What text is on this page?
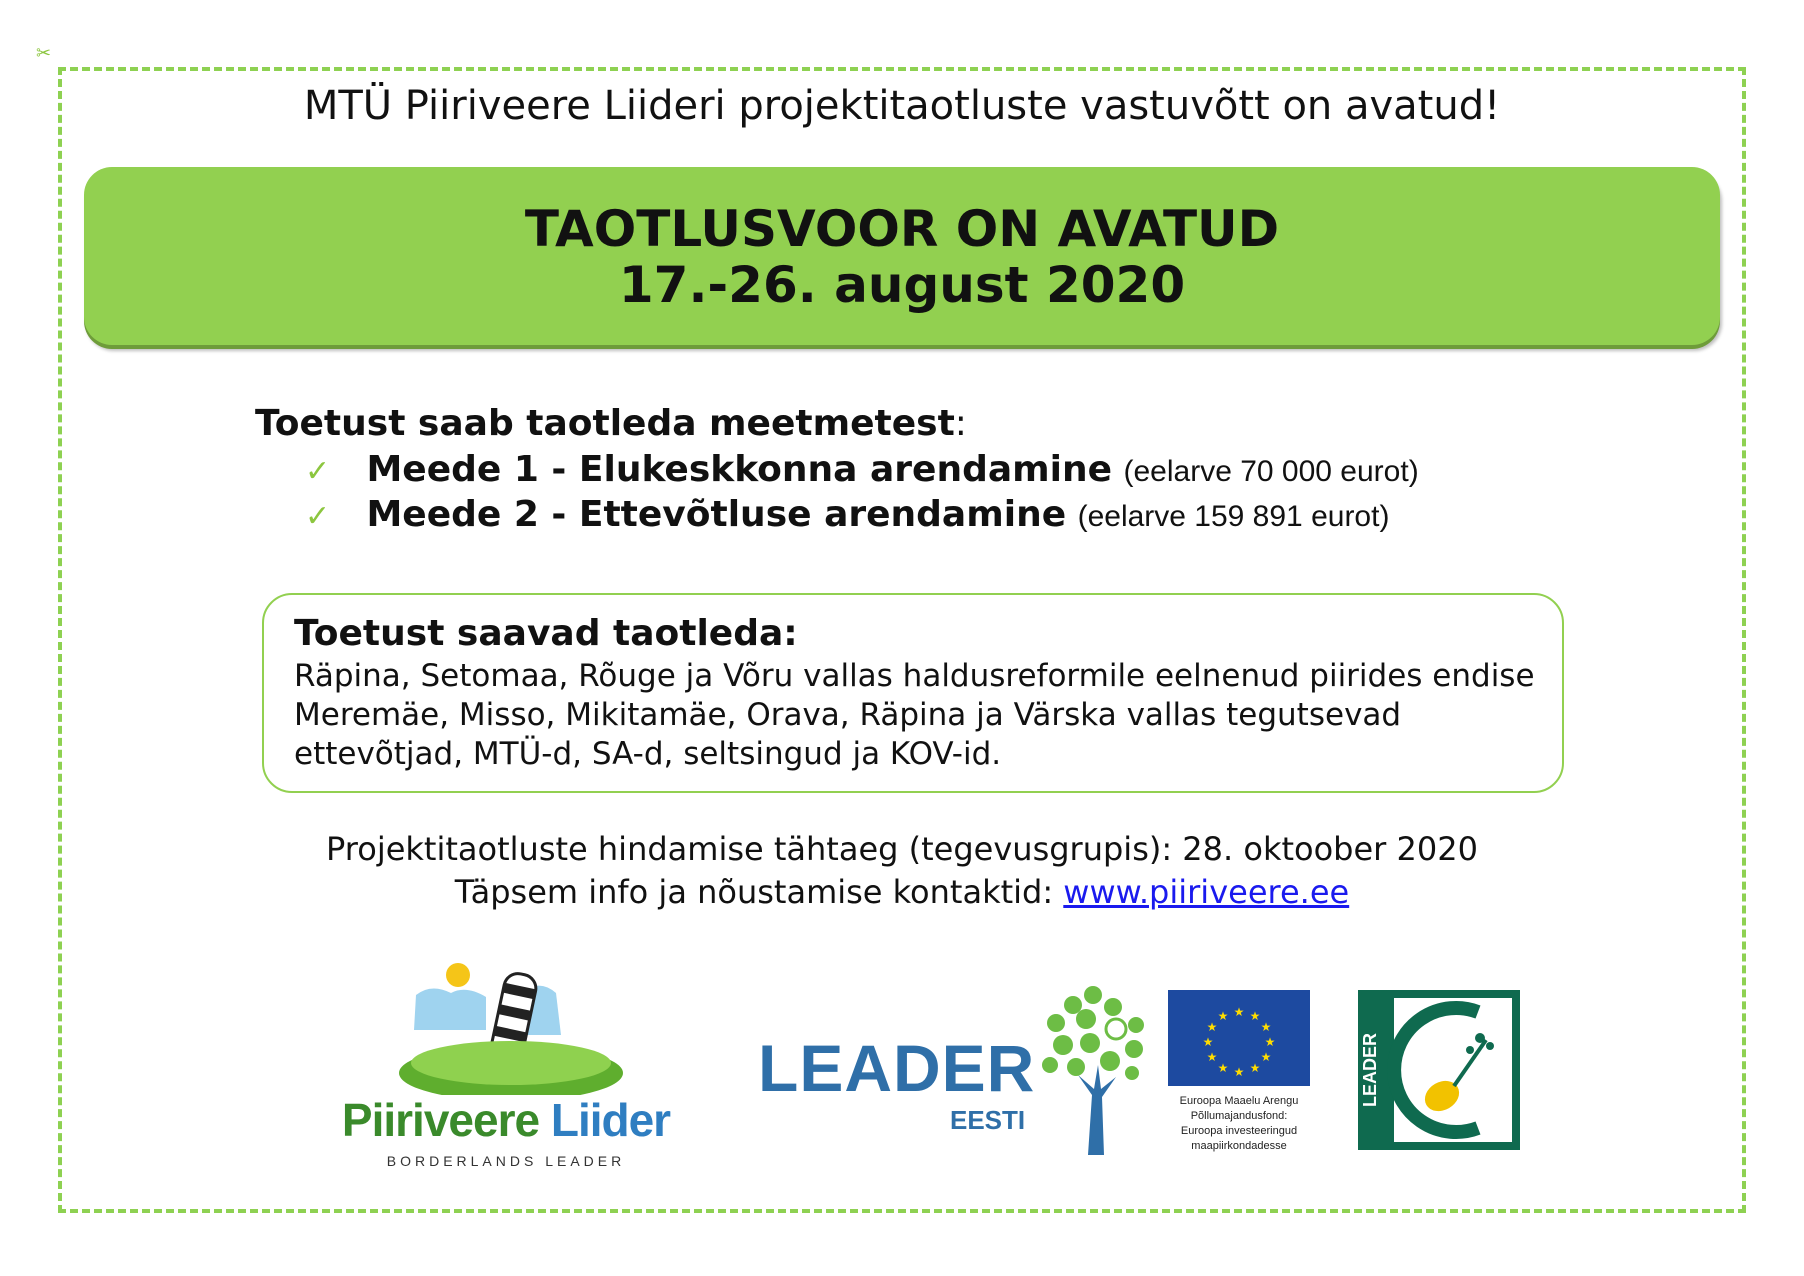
✂
MTÜ Piiriveere Liideri projektitaotluste vastuvõtt on avatud!
TAOTLUSVOOR ON AVATUD
17.-26. august 2020
Toetust saab taotleda meetmetest:
✓ Meede 1 - Elukeskkonna arendamine (eelarve 70 000 eurot)
✓ Meede 2 - Ettevõtluse arendamine (eelarve 159 891 eurot)
Toetust saavad taotleda:
Räpina, Setomaa, Rõuge ja Võru vallas haldusreformile eelnenud piirides endise Meremäe, Misso, Mikitamäe, Orava, Räpina ja Värska vallas tegutsevad ettevõtjad, MTÜ-d, SA-d, seltsingud ja KOV-id.
Projektitaotluste hindamise tähtaeg (tegevusgrupis): 28. oktoober 2020
Täpsem info ja nõustamise kontaktid: www.piiriveere.ee
Piiriveere Liider
BORDERLANDS LEADER
LEADER
EESTI
★ ★
★
★
★
★
★
★
★
★
★
★
Euroopa Maaelu Arengu
Põllumajandusfond:
Euroopa investeeringud
maapiirkondadesse
LEADER
